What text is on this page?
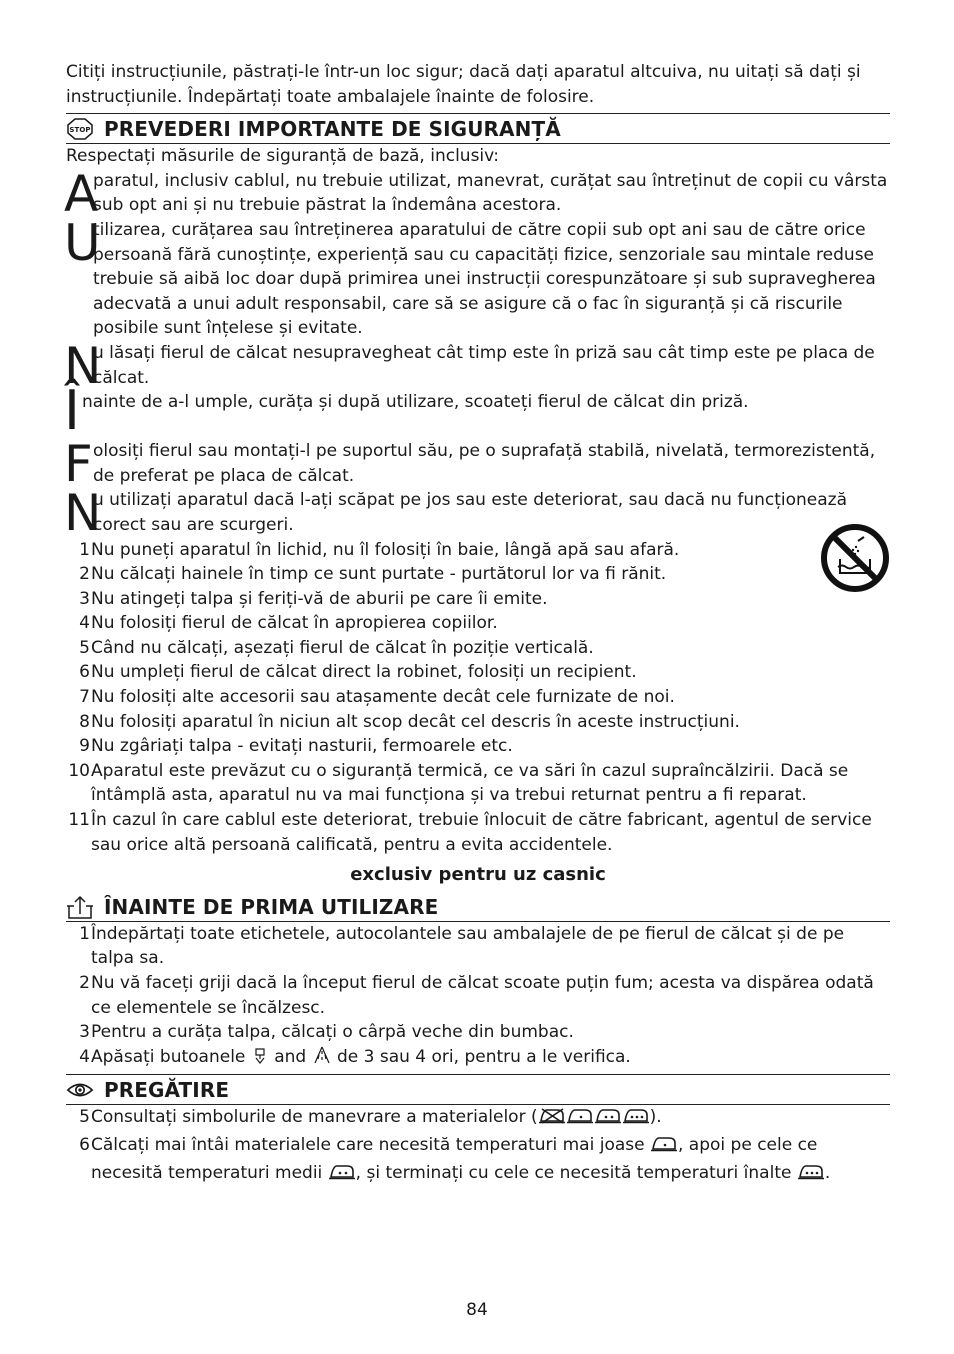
Citiți instrucțiunile, păstrați-le într-un loc sigur; dacă dați aparatul altcuiva, nu uitați să dați și instrucțiunile. Îndepărtați toate ambalajele înainte de folosire.

STOP PREVEDERI IMPORTANTE DE SIGURANȚĂ

Respectați măsurile de siguranță de bază, inclusiv:

A
paratul, inclusiv cablul, nu trebuie utilizat, manevrat, curățat sau întreținut de copii cu vârsta sub opt ani și nu trebuie păstrat la îndemâna acestora.
U
tilizarea, curățarea sau întreținerea aparatului de către copii sub opt ani sau de către orice persoană fără cunoștințe, experiență sau cu capacități fizice, senzoriale sau mintale reduse trebuie să aibă loc doar după primirea unei instrucții corespunzătoare și sub supravegherea adecvată a unui adult responsabil, care să se asigure că o fac în siguranță și că riscurile posibile sunt înțelese și evitate.
N
u lăsați fierul de călcat nesupravegheat cât timp este în priză sau cât timp este pe placa de călcat.
Î nainte de a-l umple, curăța și după utilizare, scoateți fierul de călcat din priză.
F olosiți fierul sau montați-l pe suportul său, pe o suprafață stabilă, nivelată, termorezistentă, de preferat pe placa de călcat.
N
u utilizați aparatul dacă l-ați scăpat pe jos sau este deteriorat, sau dacă nu funcționează corect sau are scurgeri.
1 Nu puneți aparatul în lichid, nu îl folosiți în baie, lângă apă sau afară.
2 Nu călcați hainele în timp ce sunt purtate - purtătorul lor va fi rănit.
3 Nu atingeți talpa și feriți-vă de aburii pe care îi emite.
4 Nu folosiți fierul de călcat în apropierea copiilor.
5 Când nu călcați, așezați fierul de călcat în poziție verticală.
6 Nu umpleți fierul de călcat direct la robinet, folosiți un recipient.
7 Nu folosiți alte accesorii sau atașamente decât cele furnizate de noi.
8 Nu folosiți aparatul în niciun alt scop decât cel descris în aceste instrucțiuni.
9 Nu zgâriați talpa - evitați nasturii, fermoarele etc.
10 Aparatul este prevăzut cu o siguranță termică, ce va sări în cazul supraîncălzirii. Dacă se întâmplă asta, aparatul nu va mai funcționa și va trebui returnat pentru a fi reparat.
11 În cazul în care cablul este deteriorat, trebuie înlocuit de către fabricant, agentul de service sau orice altă persoană calificată, pentru a evita accidentele.
exclusiv pentru uz casnic
ÎNAINTE DE PRIMA UTILIZARE
1 Îndepărtați toate etichetele, autocolantele sau ambalajele de pe fierul de călcat și de pe talpa sa.
2 Nu vă faceți griji dacă la început fierul de călcat scoate puțin fum; acesta va dispărea odată ce elementele se încălzesc.
3 Pentru a curăța talpa, călcați o cârpă veche din bumbac.
4 Apăsați butoanele and de 3 sau 4 ori, pentru a le verifica.
PREGĂTIRE
5 Consultați simbolurile de manevrare a materialelor (	).
6 Călcați mai întâi materialele care necesită temperaturi mai joase , apoi pe cele ce necesită temperaturi medii , și terminați cu cele ce necesită temperaturi înalte .
84
